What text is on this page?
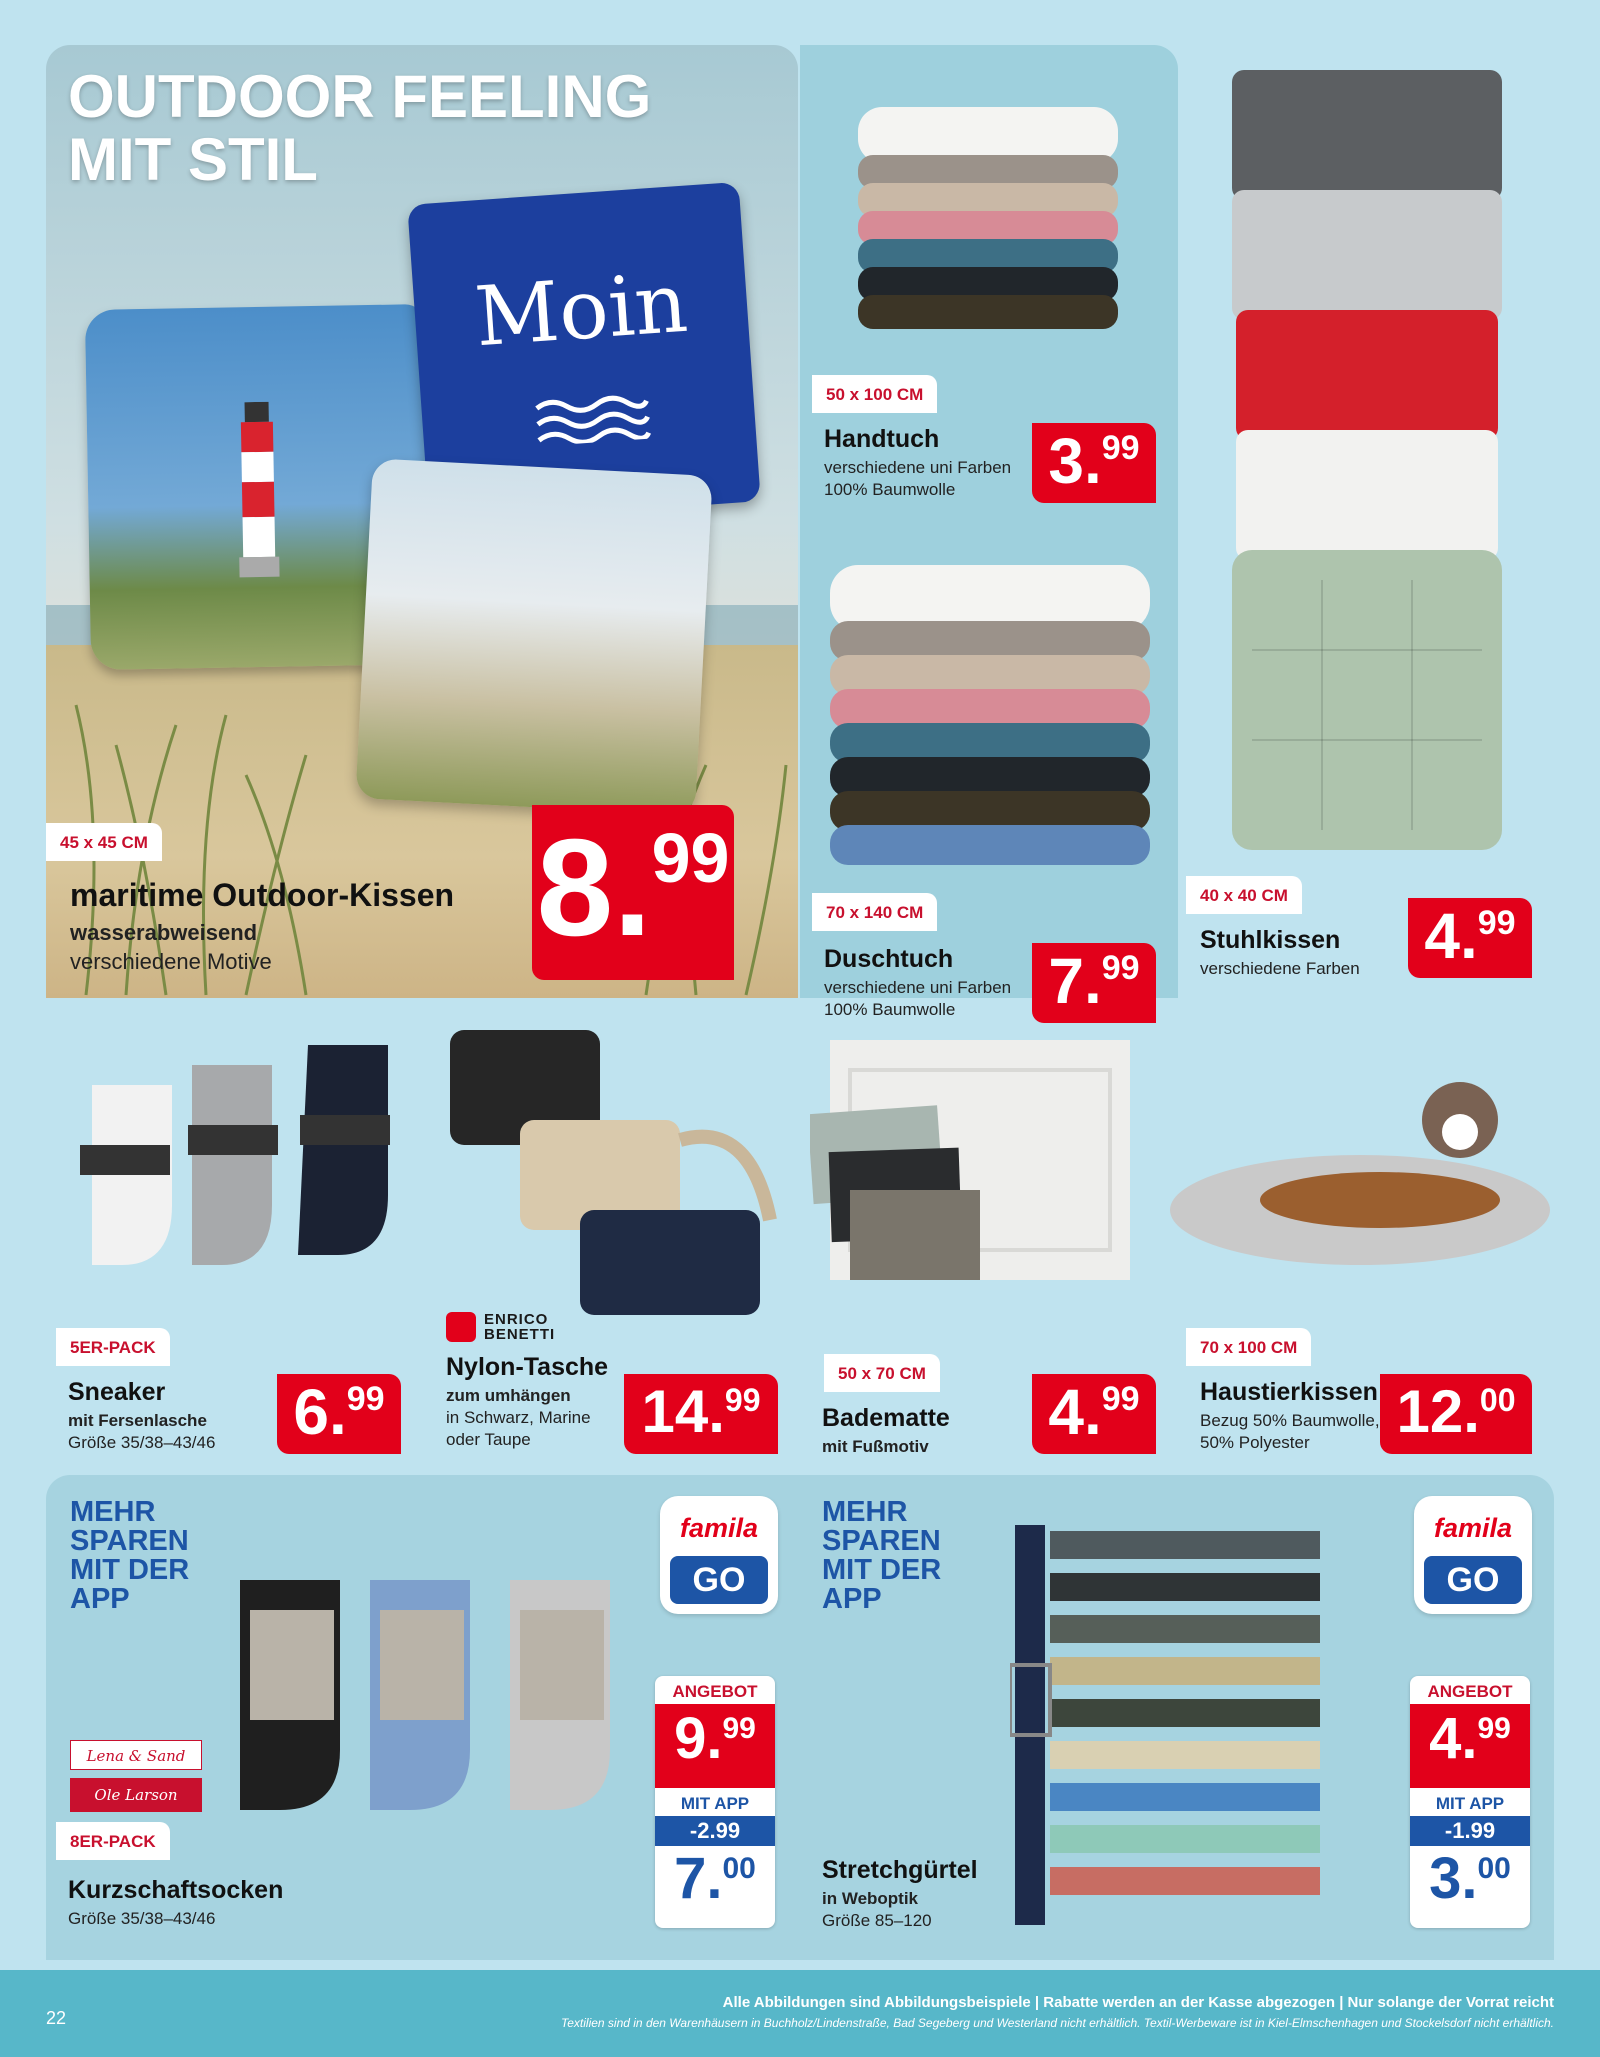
OUTDOOR FEELING
MIT STIL
Moin
45 x 45 CM
maritime Outdoor-Kissen
wasserabweisend
verschiedene Motive 8. 99
50 x 100 CM
Handtuch
verschiedene uni Farben
100% Baumwolle	3. 99
70 x 140 CM
Duschtuch
verschiedene uni Farben
100% Baumwolle	7. 99
40 x 40 CM
Stuhlkissen
verschiedene Farben 4. 99
5ER-PACK
Sneaker
mit Fersenlasche
Größe 35/38–43/46 6. 99
ENRICO
BENETTI
Nylon-Tasche
zum umhängen
in Schwarz, Marine
oder Taupe	14. 99
50 x 70 CM
Badematte
mit Fußmotiv 4. 99
70 x 100 CM
Haustierkissen
Bezug 50% Baumwolle,
50% Polyester	12. 00
MEHR
SPAREN
MIT DER
APP
famila
GO
Lena & Sand
Ole Larson
8ER-PACK
Kurzschaftsocken
Größe 35/38–43/46
ANGEBOT
9. 99
MIT APP
-2.99
7. 00
MEHR
SPAREN
MIT DER
APP
famila
GO
Stretchgürtel
in Weboptik
Größe 85–120
ANGEBOT
4. 99
MIT APP
-1.99
3. 00
22
Alle Abbildungen sind Abbildungsbeispiele | Rabatte werden an der Kasse abgezogen | Nur solange der Vorrat reicht
Textilien sind in den Warenhäusern in Buchholz/Lindenstraße, Bad Segeberg und Westerland nicht erhältlich. Textil-Werbeware ist in Kiel-Elmschenhagen und Stockelsdorf nicht erhältlich.
